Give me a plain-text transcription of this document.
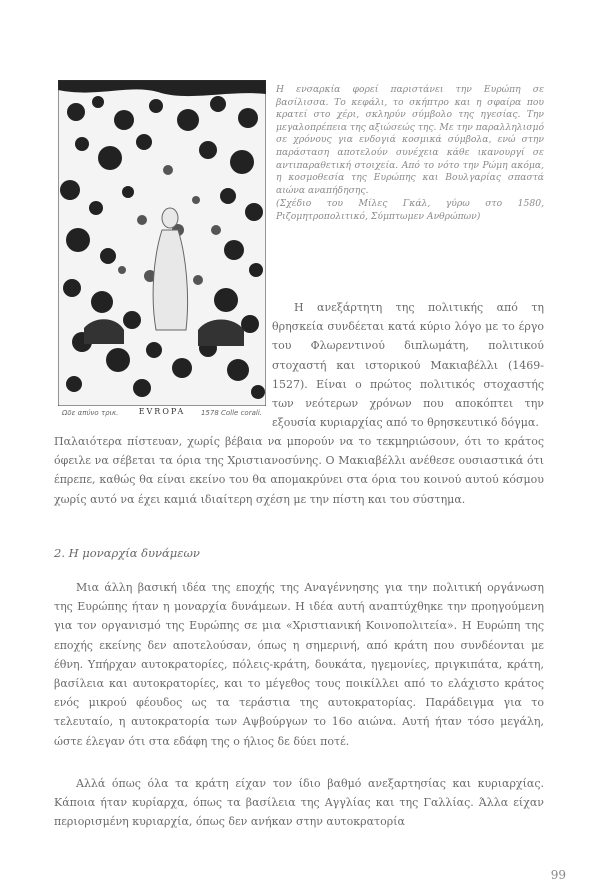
Ωδε απύνο τρικ.	EVROPA	1578 Colle corali.

Η ενσαρκία φορεί παριστάνει την Ευρώπη σε βασίλισσα. Το κεφάλι, το σκήπτρο και η σφαίρα που κρατεί στο χέρι, σκληρύν σύμβολο της ηγεσίας. Την μεγαλοπρέπεια της αξιώσεώς της. Με την παραλληλισμό σε χρόνους για ενδογιά κοσμικά σύμβολα, ενώ στην παράσταση αποτελούν συνέχεια κάθε ικανουργί σε αντιπαραθετική στοιχεία. Από το νότο την Ρώμη ακόμα, η κοσμοθεσία της Ευρώπης και Βουλγαρίας σπαστά αιώνα αναπήδησης.

(Σχέδιο του Μίλες Γκάλ, γύρω στο 1580, Ριζομητροπολιτικό, Σύμπτωμεν Ανθρώπων)

Η ανεξάρτητη της πολιτικής από τη θρησκεία συνδέεται κατά κύριο λόγο με το έργο του Φλωρεντινού διπλωμάτη, πολιτικού στοχαστή και ιστορικού Μακιαβέλλι (1469-1527). Είναι ο πρώτος πολιτικός στοχαστής των νεότερων χρόνων που αποκόπτει την εξουσία κυριαρχίας από το θρησκευτικό δόγμα.
Παλαιότερα πίστευαν, χωρίς βέβαια να μπορούν να το τεκμηριώσουν, ότι το κράτος όφειλε να σέβεται τα όρια της Χριστιανοσύνης. Ο Μακιαβέλλι ανέθεσε ουσιαστικά ότι έπρεπε, καθώς θα είναι εκείνο του θα απομακρύνει στα όρια του κοινού αυτού κόσμου χωρίς αυτό να έχει καμιά ιδιαίτερη σχέση με την πίστη και του σύστημα.
2. Η μοναρχία δυνάμεων
Μια άλλη βασική ιδέα της εποχής της Αναγέννησης για την πολιτική οργάνωση της Ευρώπης ήταν η μοναρχία δυνάμεων. Η ιδέα αυτή αναπτύχθηκε την προηγούμενη για τον οργανισμό της Ευρώπης σε μια «Χριστιανική Κοινοπολιτεία». Η Ευρώπη της εποχής εκείνης δεν αποτελούσαν, όπως η σημερινή, από κράτη που συνδέονται με έθνη. Υπήρχαν αυτοκρατορίες, πόλεις-κράτη, δουκάτα, ηγεμονίες, πριγκιπάτα, κράτη, βασίλεια και αυτοκρατορίες, και το μέγεθος τους ποικίλλει από το ελάχιστο κράτος ενός μικρού φέουδος ως τα τεράστια της αυτοκρατορίας. Παράδειγμα για το τελευταίο, η αυτοκρατορία των Αψβούργων το 16ο αιώνα. Αυτή ήταν τόσο μεγάλη, ώστε έλεγαν ότι στα εδάφη της ο ήλιος δε δύει ποτέ.
Αλλά όπως όλα τα κράτη είχαν τον ίδιο βαθμό ανεξαρτησίας και κυριαρχίας. Κάποια ήταν κυρίαρχα, όπως τα βασίλεια της Αγγλίας και της Γαλλίας. Άλλα είχαν περιορισμένη κυριαρχία, όπως δεν ανήκαν στην αυτοκρατορία
99
